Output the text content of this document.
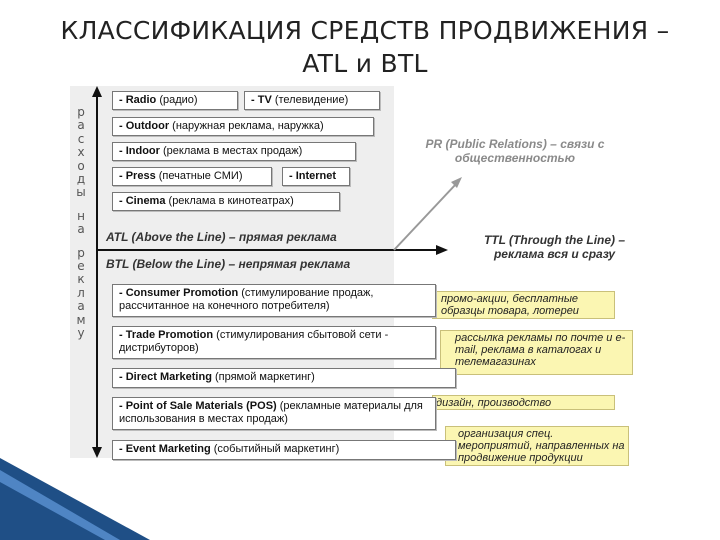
КЛАССИФИКАЦИЯ СРЕДСТВ ПРОДВИЖЕНИЯ –

ATL и BTL

р
а
с
х
о
д
ы

н
а

р
е
к
л
а
м
у
- Radio (радио)	- TV (телевидение)
- Outdoor (наружная реклама, наружка)
- Indoor (реклама в местах продаж)
- Press (печатные СМИ)	- Internet
- Cinema (реклама в кинотеатрах)
ATL (Above the Line) – прямая реклама
BTL (Below the Line) – непрямая реклама
PR (Public Relations) – связи с общественностью
TTL (Through the Line) – реклама вся и сразу
промо-акции, бесплатные образцы товара, лотереи
рассылка рекламы по почте и e-mail, реклама в каталогах и телемагазинах
дизайн, производство
организация спец. мероприятий, направленных на продвижение продукции
- Consumer Promotion (стимулирование продаж, рассчитанное на конечного потребителя)
- Trade Promotion (стимулирования сбытовой сети - дистрибуторов)
- Direct Marketing (прямой маркетинг)
- Point of Sale Materials (POS) (рекламные материалы для использования в местах продаж)
- Event Marketing (событийный маркетинг)
